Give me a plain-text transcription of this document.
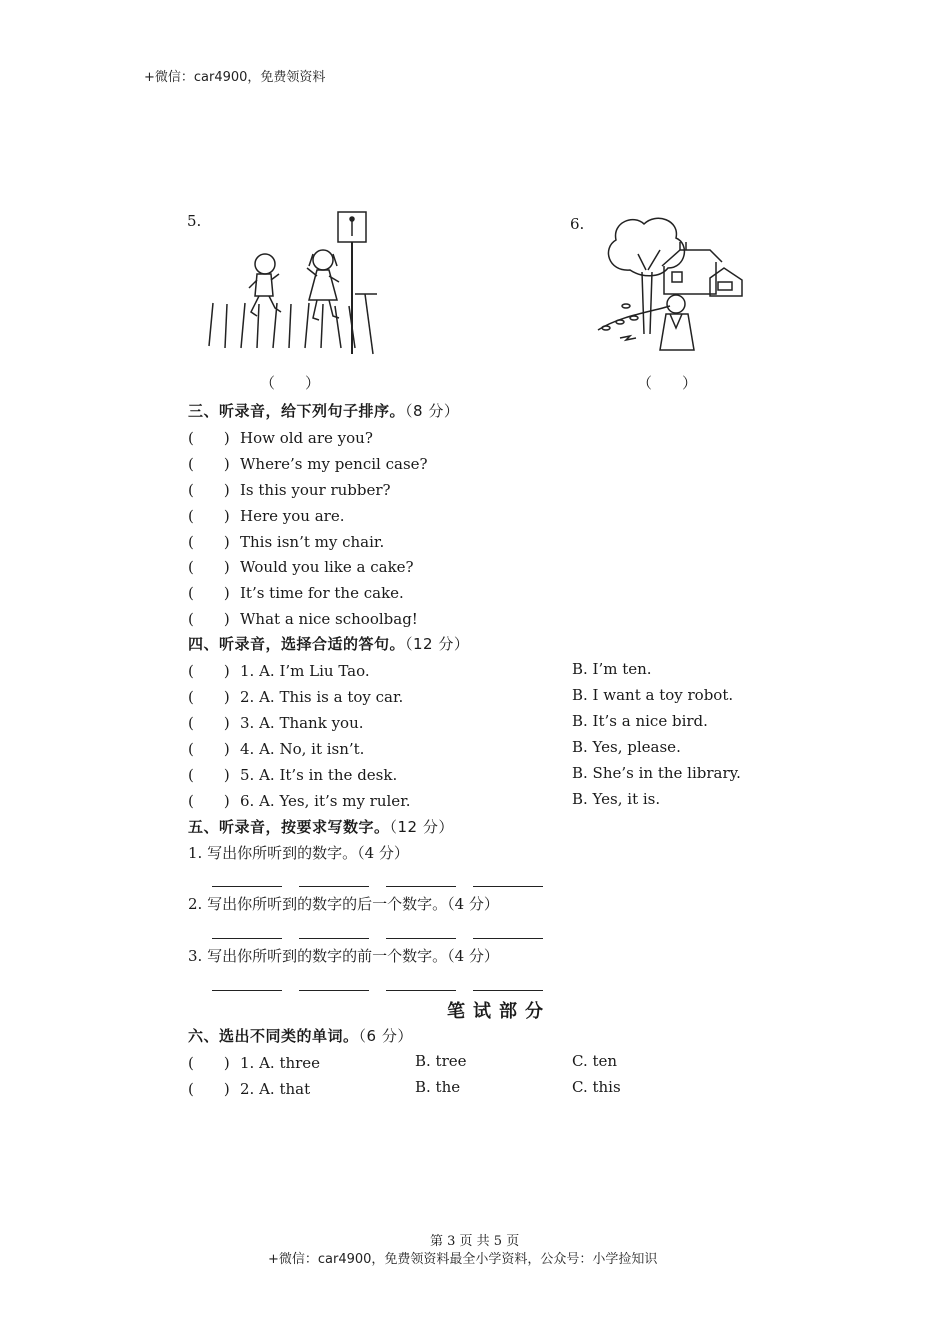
+微信：car4900，免费领资料
5.
（　　）
6.
（　　）
三、听录音，给下列句子排序。（8 分）
(　　) How old are you?
(　　) Where’s my pencil case?
(　　) Is this your rubber?
(　　) Here you are.
(　　) This isn’t my chair.
(　　) Would you like a cake?
(　　) It’s time for the cake.
(　　) What a nice schoolbag!
四、听录音，选择合适的答句。（12 分）
(　　) 1. A. I’m Liu Tao.	B. I’m ten.
(　　) 2. A. This is a toy car.	B. I want a toy robot.
(　　) 3. A. Thank you.	B. It’s a nice bird.
(　　) 4. A. No, it isn’t.	B. Yes, please.
(　　) 5. A. It’s in the desk.	B. She’s in the library.
(　　) 6. A. Yes, it’s my ruler.	B. Yes, it is.
五、听录音，按要求写数字。（12 分）
1. 写出你所听到的数字。（4 分）
2. 写出你所听到的数字的后一个数字。（4 分）
3. 写出你所听到的数字的前一个数字。（4 分）
笔试部分
六、选出不同类的单词。（6 分）
(　　) 1. A. three	B. tree	C. ten
(　　) 2. A. that	B. the	C. this
第 3 页 共 5 页
+微信：car4900，免费领资料最全小学资料，公众号：小学捡知识
